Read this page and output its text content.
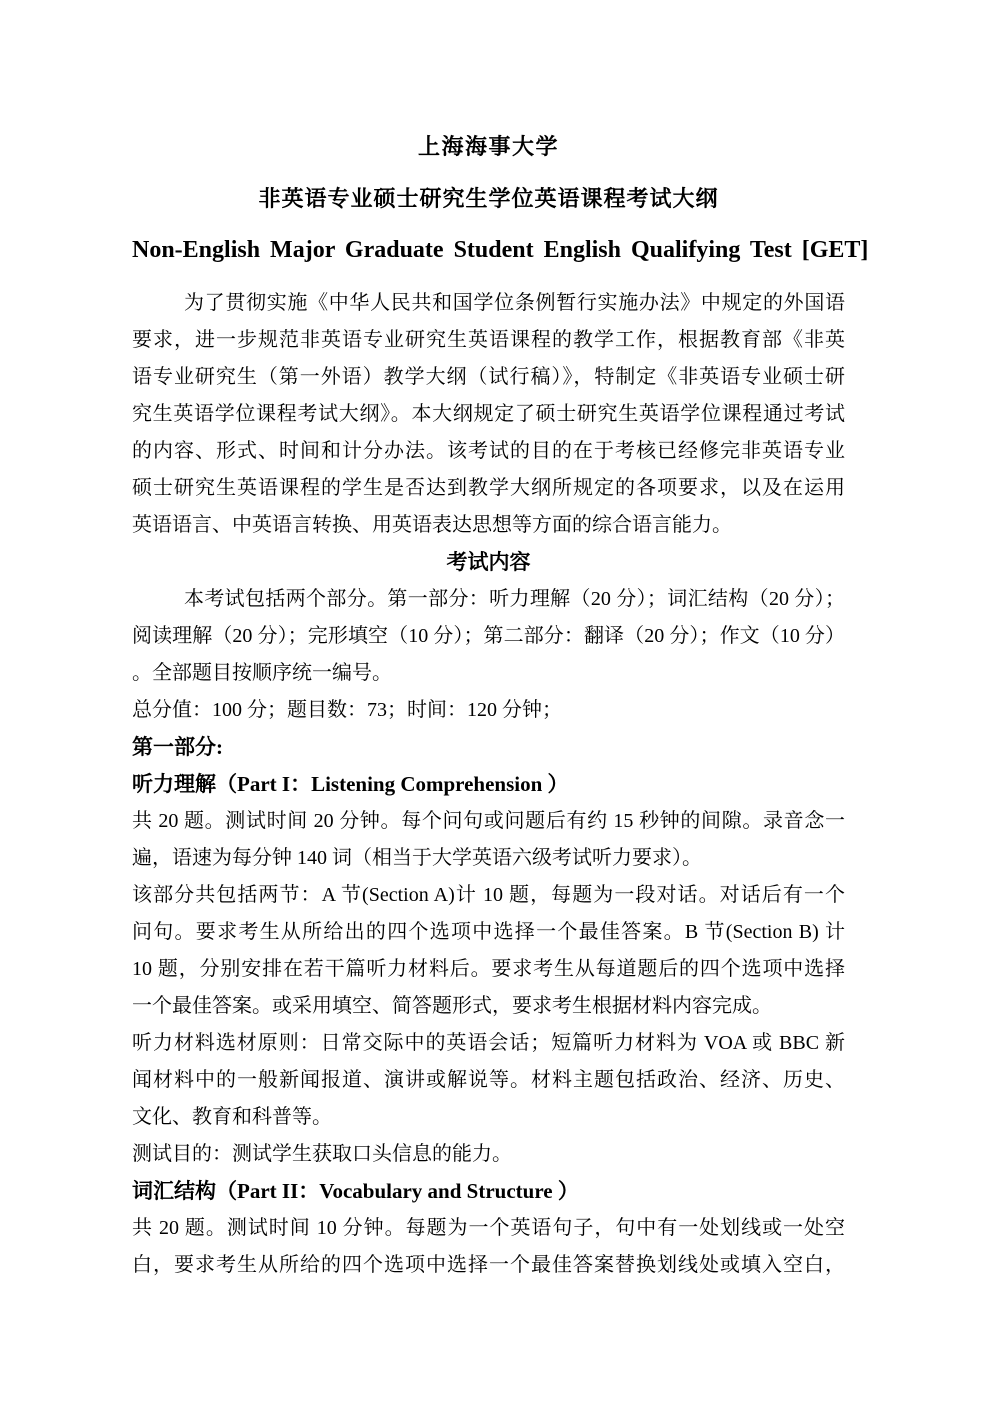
上海海事大学
非英语专业硕士研究生学位英语课程考试大纲
Non-English Major Graduate Student English Qualifying Test [GET]
为了贯彻实施《中华人民共和国学位条例暂行实施办法》中规定的外国语
要求，进一步规范非英语专业研究生英语课程的教学工作，根据教育部《非英
语专业研究生（第一外语）教学大纲（试行稿）》，特制定《非英语专业硕士研
究生英语学位课程考试大纲》。本大纲规定了硕士研究生英语学位课程通过考试
的内容、形式、时间和计分办法。该考试的目的在于考核已经修完非英语专业
硕士研究生英语课程的学生是否达到教学大纲所规定的各项要求，以及在运用
英语语言、中英语言转换、用英语表达思想等方面的综合语言能力。
考试内容
本考试包括两个部分。第一部分：听力理解（20 分）；词汇结构（20 分）；
阅读理解（20 分）；完形填空（10 分）；第二部分：翻译（20 分）；作文（10 分）
。全部题目按顺序统一编号。
总分值：100 分；题目数：73；时间：120 分钟；
第一部分:
听力理解（Part I：Listening Comprehension ）
共 20 题。测试时间 20 分钟。每个问句或问题后有约 15 秒钟的间隙。录音念一
遍，语速为每分钟 140 词（相当于大学英语六级考试听力要求）。
该部分共包括两节：A 节(Section A)计 10 题，每题为一段对话。对话后有一个
问句。要求考生从所给出的四个选项中选择一个最佳答案。B 节(Section B) 计
10 题，分别安排在若干篇听力材料后。要求考生从每道题后的四个选项中选择
一个最佳答案。或采用填空、简答题形式，要求考生根据材料内容完成。
听力材料选材原则：日常交际中的英语会话；短篇听力材料为 VOA 或 BBC 新
闻材料中的一般新闻报道、演讲或解说等。材料主题包括政治、经济、历史、
文化、教育和科普等。
测试目的：测试学生获取口头信息的能力。
词汇结构（Part II：Vocabulary and Structure ）
共 20 题。测试时间 10 分钟。每题为一个英语句子，句中有一处划线或一处空
白，要求考生从所给的四个选项中选择一个最佳答案替换划线处或填入空白，
